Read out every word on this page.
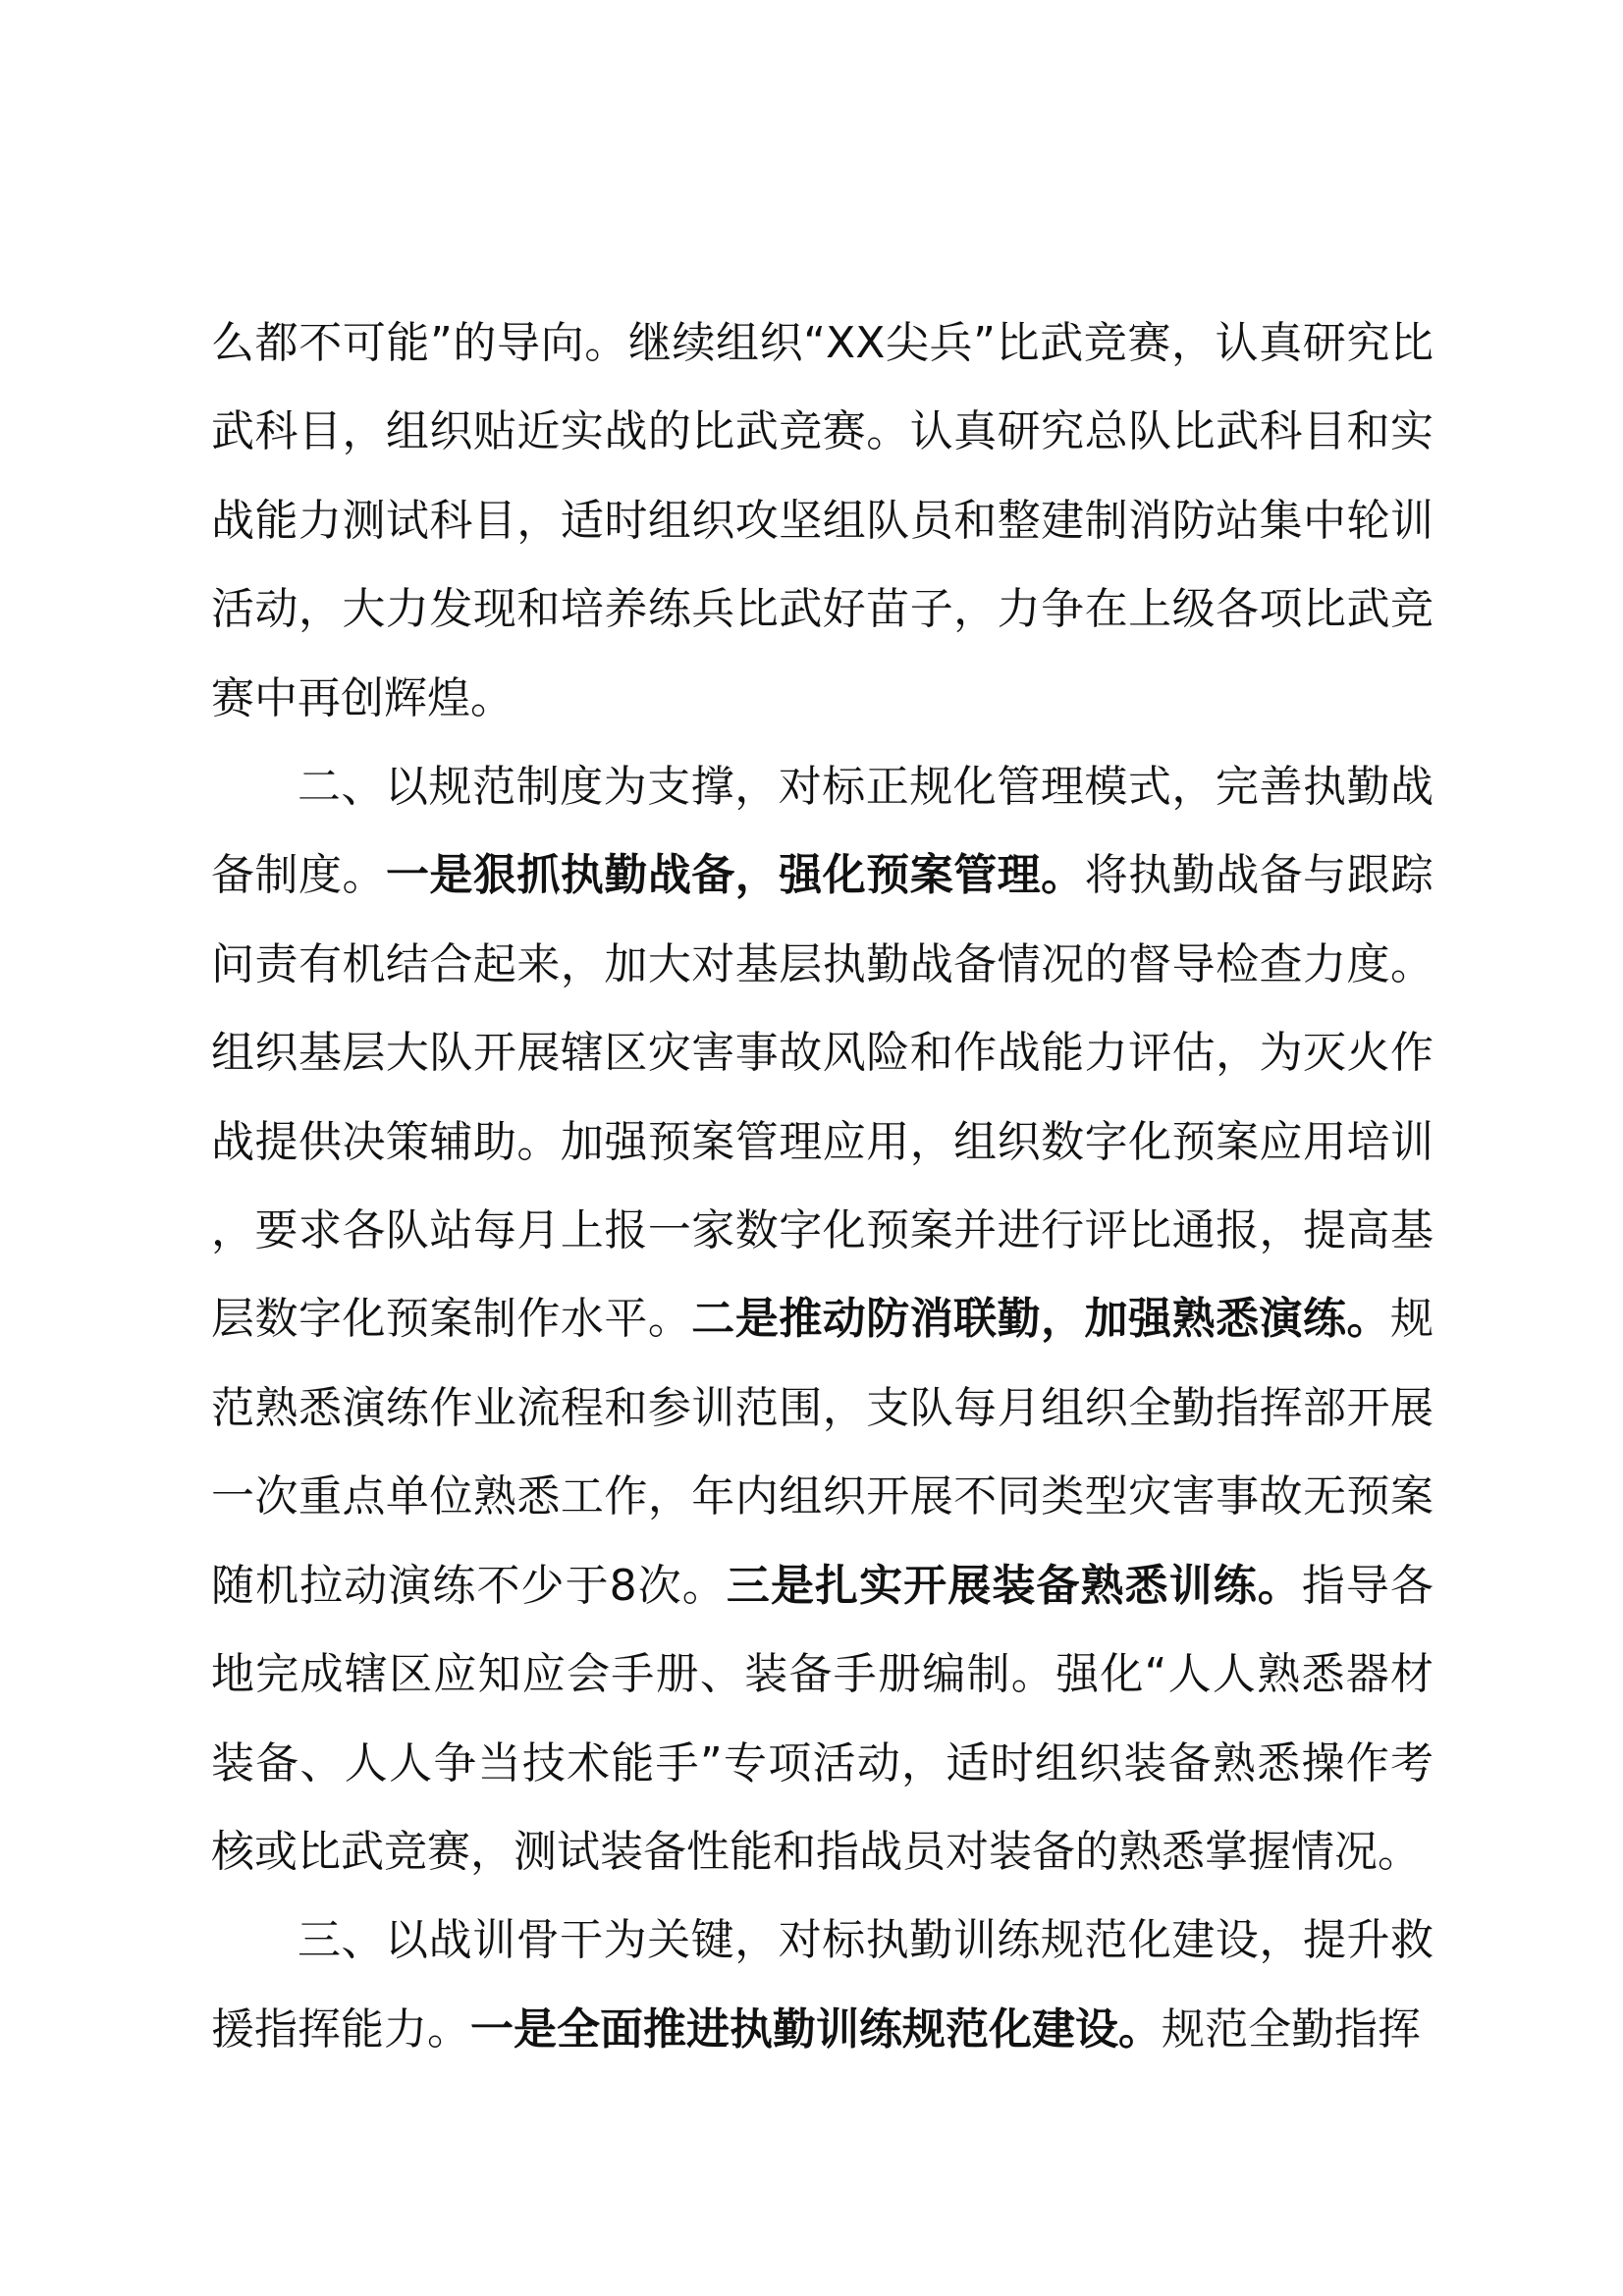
么都不可能”的导向。继续组织“XX尖兵”比武竞赛，认真研究比武科目，组织贴近实战的比武竞赛。认真研究总队比武科目和实战能力测试科目，适时组织攻坚组队员和整建制消防站集中轮训活动，大力发现和培养练兵比武好苗子，力争在上级各项比武竞赛中再创辉煌。

二、以规范制度为支撑，对标正规化管理模式，完善执勤战备制度。一是狠抓执勤战备，强化预案管理。将执勤战备与跟踪问责有机结合起来，加大对基层执勤战备情况的督导检查力度。组织基层大队开展辖区灾害事故风险和作战能力评估，为灭火作战提供决策辅助。加强预案管理应用，组织数字化预案应用培训，要求各队站每月上报一家数字化预案并进行评比通报，提高基层数字化预案制作水平。二是推动防消联勤，加强熟悉演练。规范熟悉演练作业流程和参训范围，支队每月组织全勤指挥部开展一次重点单位熟悉工作，年内组织开展不同类型灾害事故无预案随机拉动演练不少于8次。三是扎实开展装备熟悉训练。指导各地完成辖区应知应会手册、装备手册编制。强化“人人熟悉器材装备、人人争当技术能手”专项活动，适时组织装备熟悉操作考核或比武竞赛，测试装备性能和指战员对装备的熟悉掌握情况。

三、以战训骨干为关键，对标执勤训练规范化建设，提升救援指挥能力。一是全面推进执勤训练规范化建设。规范全勤指挥
